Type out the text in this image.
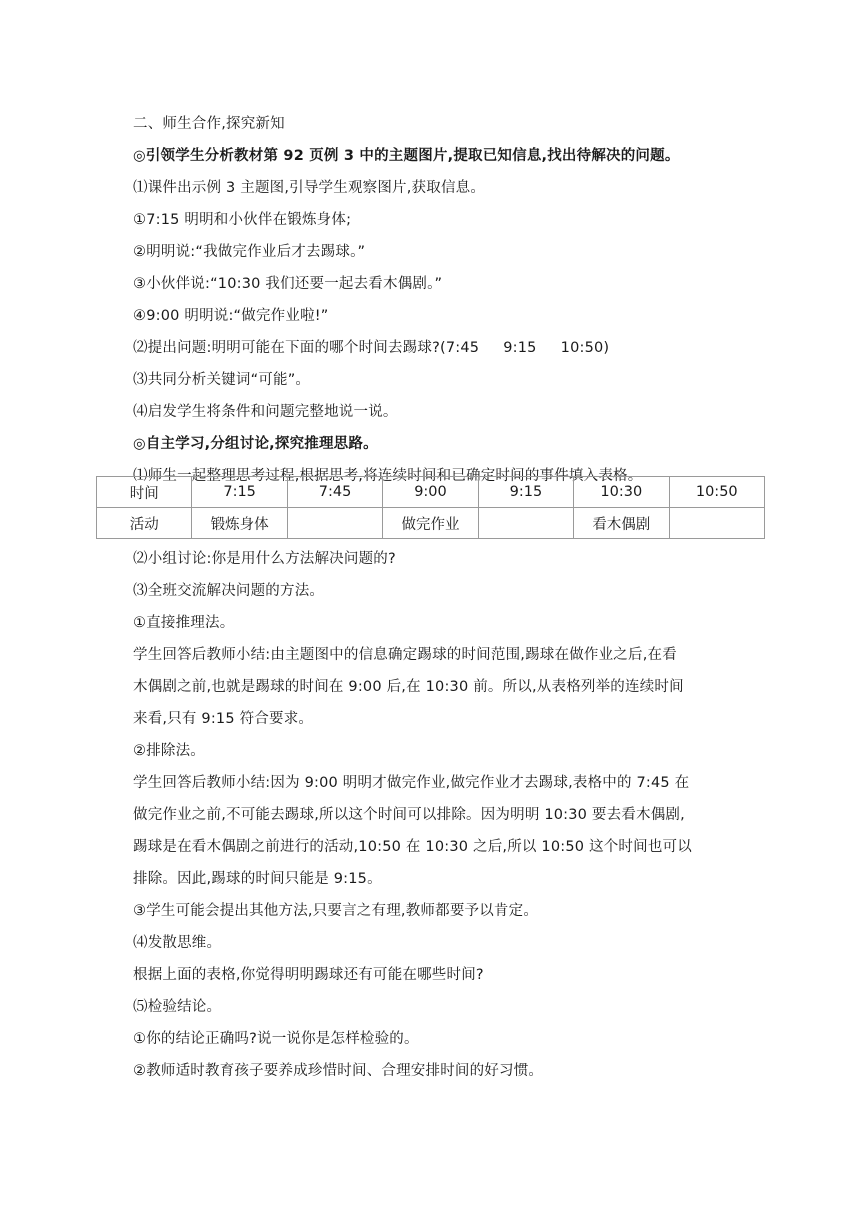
二、师生合作,探究新知
◎引领学生分析教材第 92 页例 3 中的主题图片,提取已知信息,找出待解决的问题。
⑴课件出示例 3 主题图,引导学生观察图片,获取信息。
①7:15 明明和小伙伴在锻炼身体;
②明明说:“我做完作业后才去踢球。”
③小伙伴说:“10:30 我们还要一起去看木偶剧。”
④9:00 明明说:“做完作业啦!”
⑵提出问题:明明可能在下面的哪个时间去踢球?(7:45     9:15     10:50)
⑶共同分析关键词“可能”。
⑷启发学生将条件和问题完整地说一说。
◎自主学习,分组讨论,探究推理思路。
⑴师生一起整理思考过程,根据思考,将连续时间和已确定时间的事件填入表格。
时间	7:15	7:45	9:00	9:15	10:30	10:50
活动	锻炼身体		做完作业		看木偶剧	
⑵小组讨论:你是用什么方法解决问题的?
⑶全班交流解决问题的方法。
①直接推理法。
学生回答后教师小结:由主题图中的信息确定踢球的时间范围,踢球在做作业之后,在看
木偶剧之前,也就是踢球的时间在 9:00 后,在 10:30 前。所以,从表格列举的连续时间
来看,只有 9:15 符合要求。
②排除法。
学生回答后教师小结:因为 9:00 明明才做完作业,做完作业才去踢球,表格中的 7:45 在
做完作业之前,不可能去踢球,所以这个时间可以排除。因为明明 10:30 要去看木偶剧,
踢球是在看木偶剧之前进行的活动,10:50 在 10:30 之后,所以 10:50 这个时间也可以
排除。因此,踢球的时间只能是 9:15。
③学生可能会提出其他方法,只要言之有理,教师都要予以肯定。
⑷发散思维。
根据上面的表格,你觉得明明踢球还有可能在哪些时间?
⑸检验结论。
①你的结论正确吗?说一说你是怎样检验的。
②教师适时教育孩子要养成珍惜时间、合理安排时间的好习惯。
